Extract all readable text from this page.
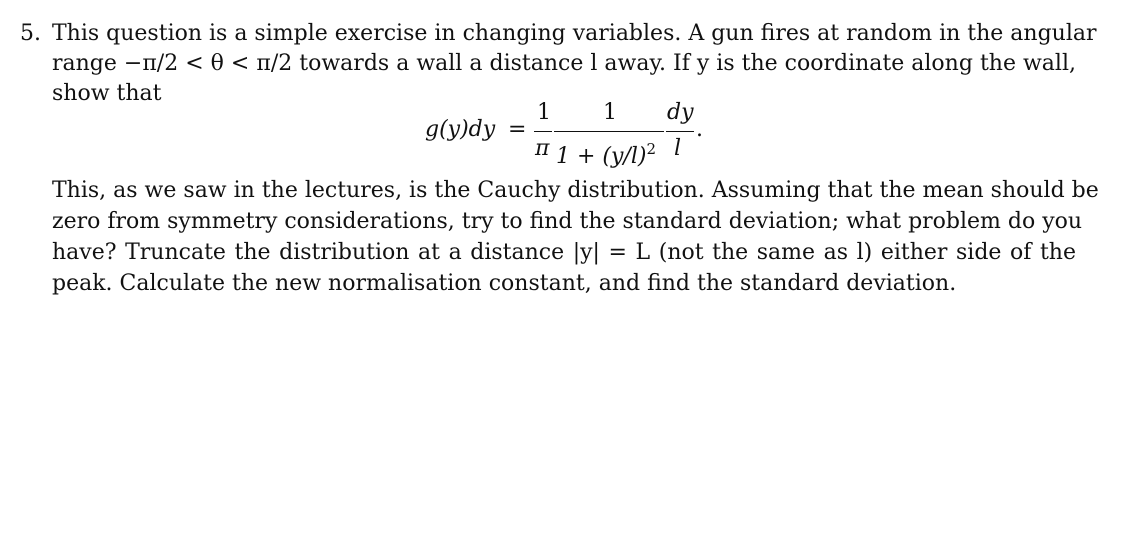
5. This question is a simple exercise in changing variables. A gun fires at random in the angular
range −π/2 < θ < π/2 towards a wall a distance l away. If y is the coordinate along the wall,
show that
g(y)dy =
1
π
1
$1 + (y/l)^2$
dy
l
.
This, as we saw in the lectures, is the Cauchy distribution. Assuming that the mean should be
zero from symmetry considerations, try to find the standard deviation; what problem do you
have? Truncate the distribution at a distance |y| = L (not the same as l) either side of the
peak. Calculate the new normalisation constant, and find the standard deviation.
